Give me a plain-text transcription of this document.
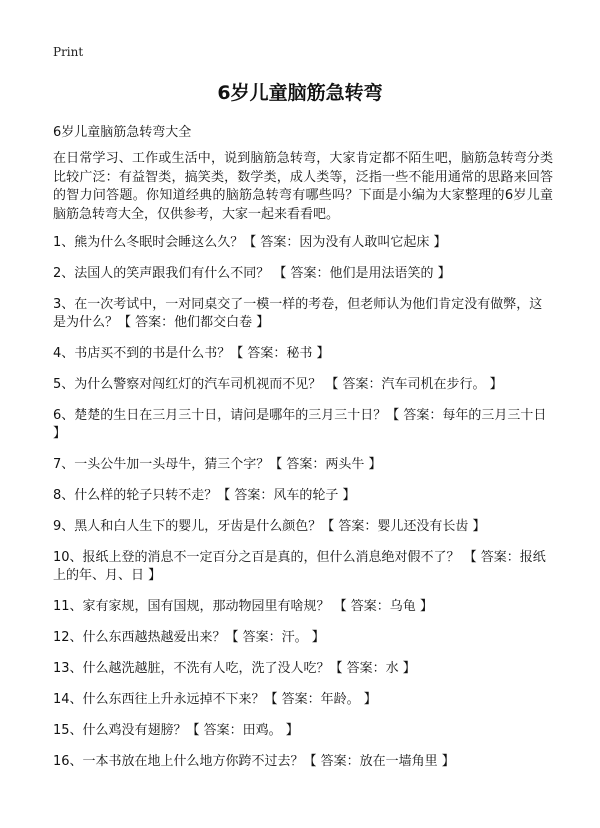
Print
6岁儿童脑筋急转弯
6岁儿童脑筋急转弯大全

在日常学习、工作或生活中，说到脑筋急转弯，大家肯定都不陌生吧，脑筋急转弯分类比较广泛：有益智类，搞笑类，数学类，成人类等，泛指一些不能用通常的思路来回答的智力问答题。你知道经典的脑筋急转弯有哪些吗？下面是小编为大家整理的6岁儿童脑筋急转弯大全，仅供参考，大家一起来看看吧。

1、熊为什么冬眠时会睡这么久？【 答案：因为没有人敢叫它起床 】
2、法国人的笑声跟我们有什么不同？ 【 答案：他们是用法语笑的 】
3、在一次考试中，一对同桌交了一模一样的考卷，但老师认为他们肯定没有做弊，这是为什么？【 答案：他们都交白卷 】
4、书店买不到的书是什么书？【 答案：秘书 】
5、为什么警察对闯红灯的汽车司机视而不见？ 【 答案：汽车司机在步行。 】
6、楚楚的生日在三月三十日，请问是哪年的三月三十日？【 答案：每年的三月三十日 】
7、一头公牛加一头母牛，猜三个字？【 答案：两头牛 】
8、什么样的轮子只转不走？【 答案：风车的轮子 】
9、黑人和白人生下的婴儿，牙齿是什么颜色？【 答案：婴儿还没有长齿 】
10、报纸上登的消息不一定百分之百是真的，但什么消息绝对假不了？ 【 答案：报纸上的年、月、日 】
11、家有家规，国有国规，那动物园里有啥规？ 【 答案：乌龟 】
12、什么东西越热越爱出来？【 答案：汗。 】
13、什么越洗越脏，不洗有人吃，洗了没人吃？【 答案：水 】
14、什么东西往上升永远掉不下来？【 答案：年龄。 】
15、什么鸡没有翅膀？【 答案：田鸡。 】
16、一本书放在地上什么地方你跨不过去？【 答案：放在一墙角里 】
